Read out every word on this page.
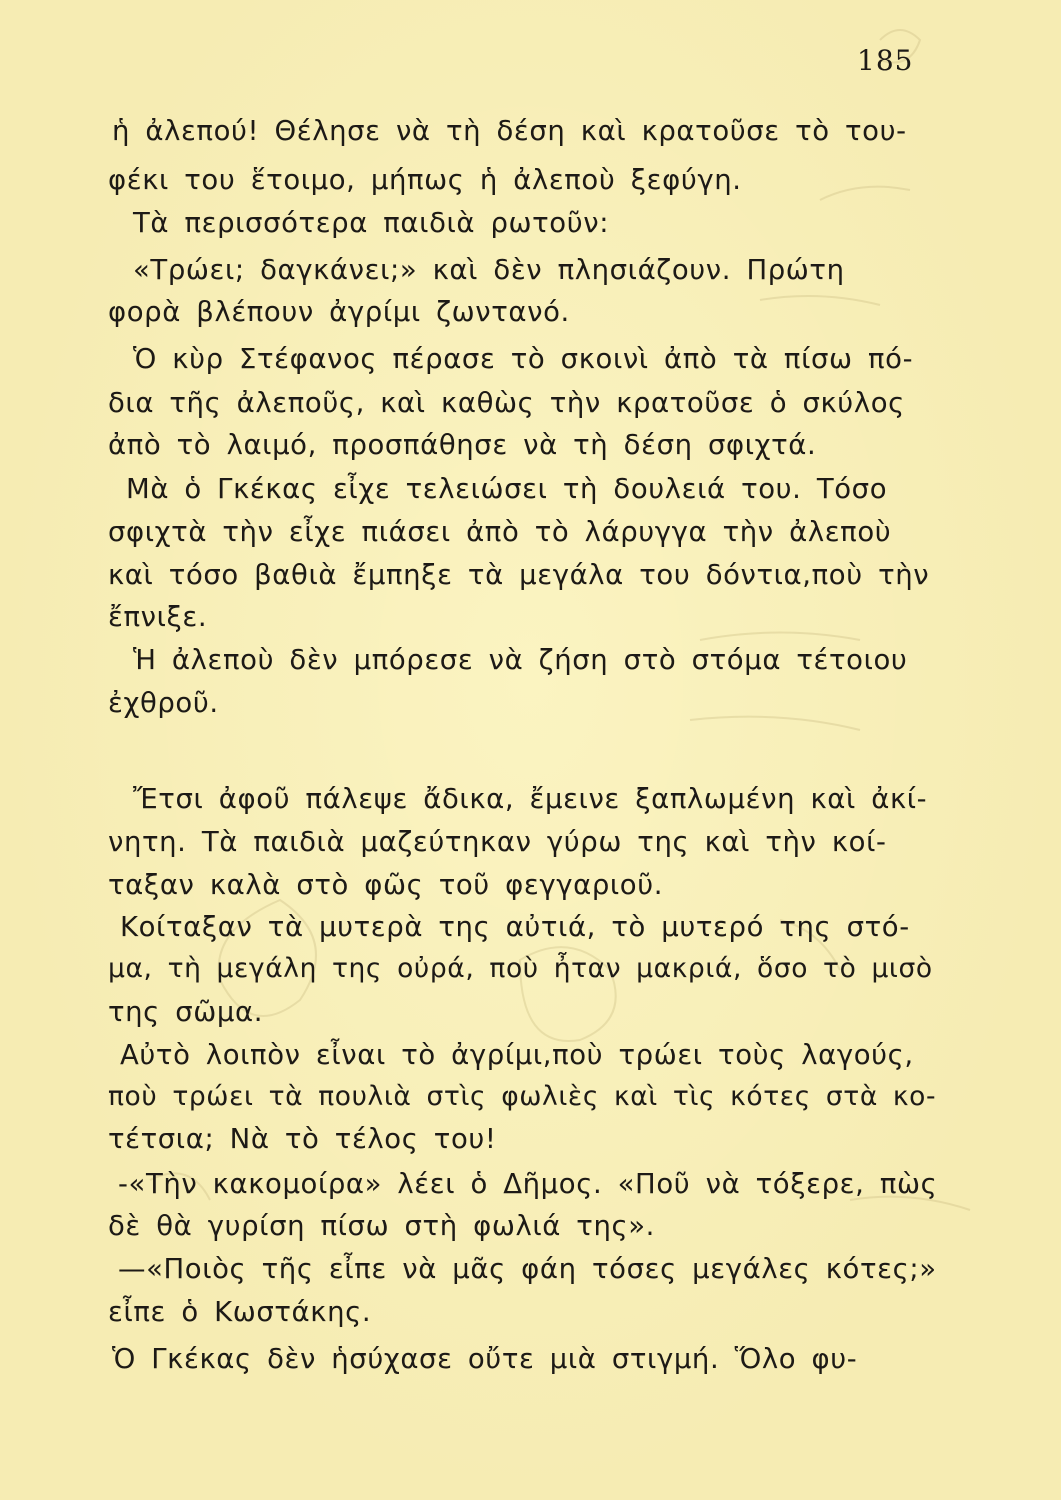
185
ἡ ἀλεπού! Θέλησε νὰ τὴ δέση καὶ κρατοῦσε τὸ του-
φέκι του ἕτοιμο, μήπως ἡ ἀλεποὺ ξεφύγη.
Τὰ περισσότερα παιδιὰ ρωτοῦν:
«Τρώει; δαγκάνει;» καὶ δὲν πλησιάζουν. Πρώτη
φορὰ βλέπουν ἀγρίμι ζωντανό.
Ὁ κὺρ Στέφανος πέρασε τὸ σκοινὶ ἀπὸ τὰ πίσω πό-
δια τῆς ἀλεποῦς, καὶ καθὼς τὴν κρατοῦσε ὁ σκύλος
ἀπὸ τὸ λαιμό, προσπάθησε νὰ τὴ δέση σφιχτά.
Μὰ ὁ Γκέκας εἶχε τελειώσει τὴ δουλειά του. Τόσο
σφιχτὰ τὴν εἶχε πιάσει ἀπὸ τὸ λάρυγγα τὴν ἀλεποὺ
καὶ τόσο βαθιὰ ἔμπηξε τὰ μεγάλα του δόντια,ποὺ τὴν
ἔπνιξε.
Ἡ ἀλεποὺ δὲν μπόρεσε νὰ ζήση στὸ στόμα τέτοιου
ἐχθροῦ.
Ἔτσι ἀφοῦ πάλεψε ἄδικα, ἔμεινε ξαπλωμένη καὶ ἀκί-
νητη. Τὰ παιδιὰ μαζεύτηκαν γύρω της καὶ τὴν κοί-
ταξαν καλὰ στὸ φῶς τοῦ φεγγαριοῦ.
Κοίταξαν τὰ μυτερὰ της αὐτιά, τὸ μυτερό της στό-
μα, τὴ μεγάλη της οὐρά, ποὺ ἦταν μακριά, ὅσο τὸ μισὸ
της σῶμα.
Αὐτὸ λοιπὸν εἶναι τὸ ἀγρίμι,ποὺ τρώει τοὺς λαγούς,
ποὺ τρώει τὰ πουλιὰ στὶς φωλιὲς καὶ τὶς κότες στὰ κο-
τέτσια; Νὰ τὸ τέλος του!
-«Τὴν κακομοίρα» λέει ὁ Δῆμος. «Ποῦ νὰ τόξερε, πὼς
δὲ θὰ γυρίση πίσω στὴ φωλιά της».
—«Ποιὸς τῆς εἶπε νὰ μᾶς φάη τόσες μεγάλες κότες;»
εἶπε ὁ Κωστάκης.
Ὁ Γκέκας δὲν ἡσύχασε οὔτε μιὰ στιγμή. Ὅλο φυ-
